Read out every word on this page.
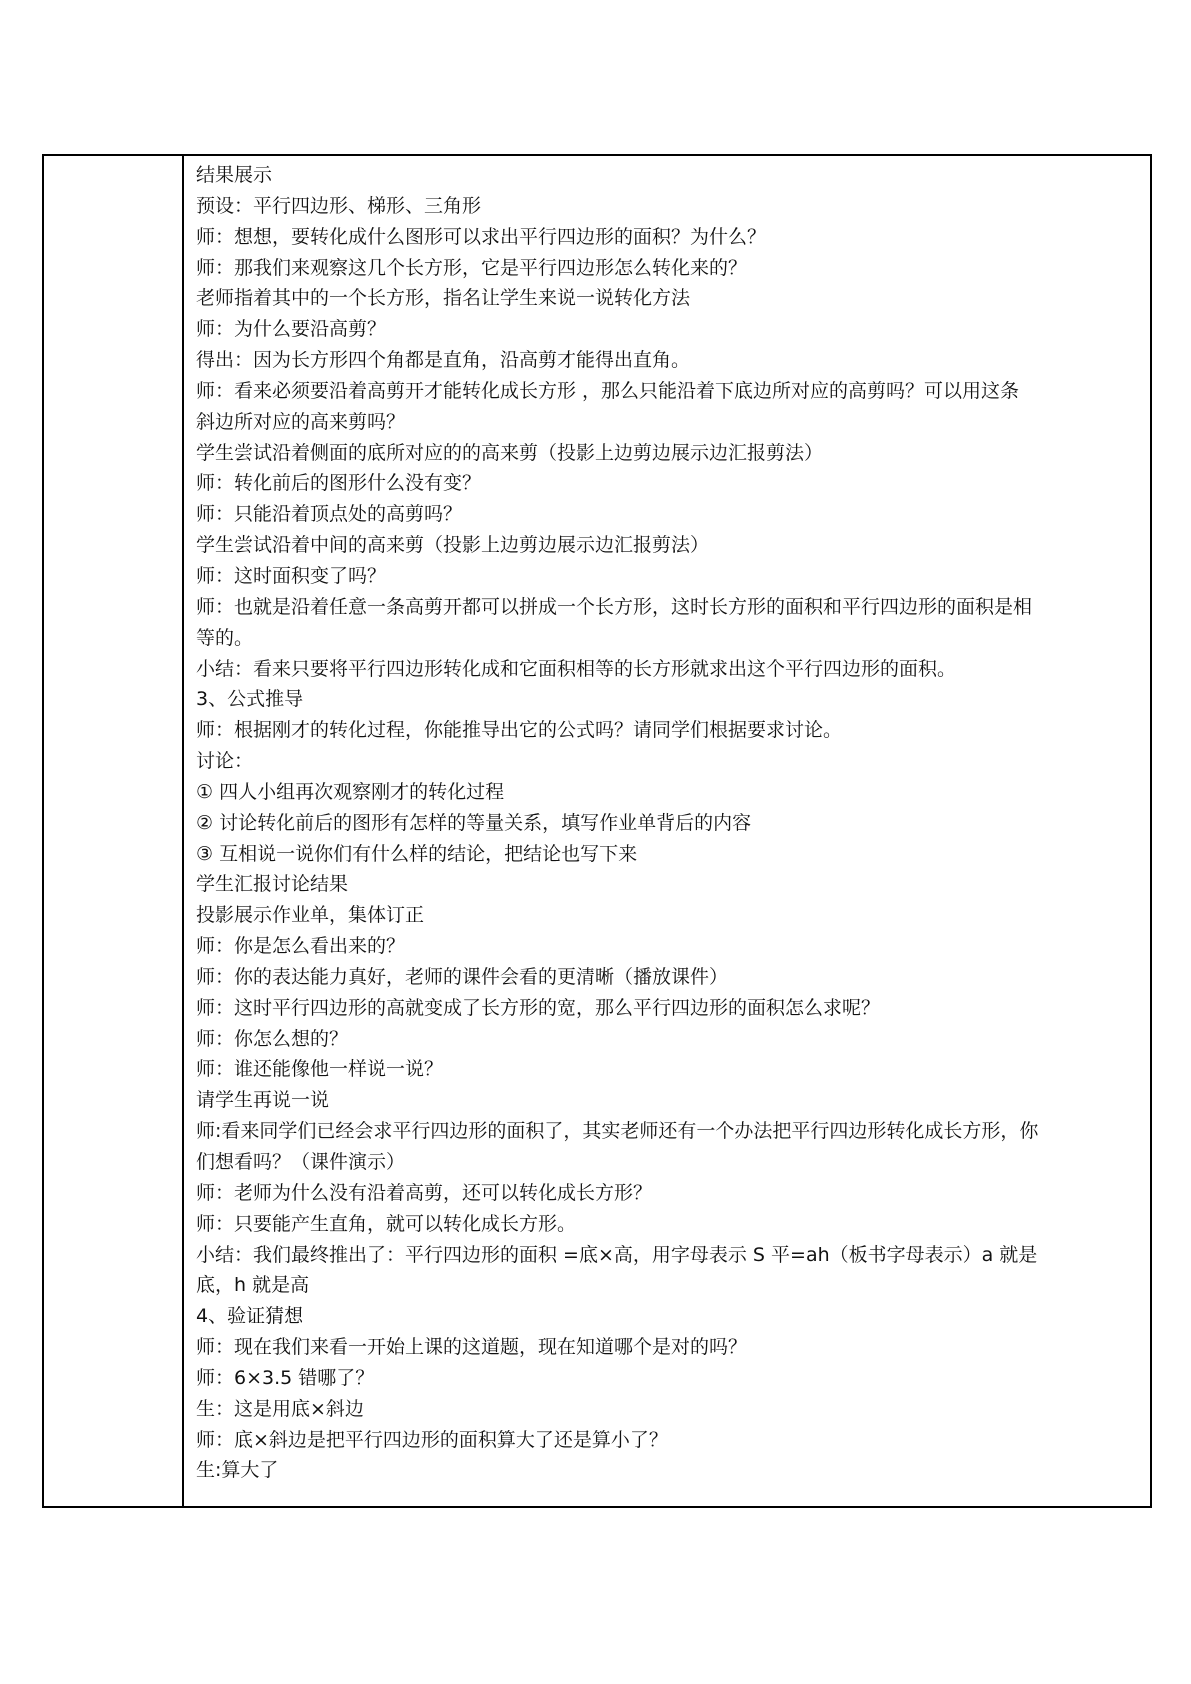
结果展示
预设：平行四边形、梯形、三角形
师：想想，要转化成什么图形可以求出平行四边形的面积？为什么？
师：那我们来观察这几个长方形，它是平行四边形怎么转化来的？
老师指着其中的一个长方形，指名让学生来说一说转化方法
师：为什么要沿高剪？
得出：因为长方形四个角都是直角，沿高剪才能得出直角。
师：看来必须要沿着高剪开才能转化成长方形 ，那么只能沿着下底边所对应的高剪吗？可以用这条
斜边所对应的高来剪吗？
学生尝试沿着侧面的底所对应的的高来剪（投影上边剪边展示边汇报剪法）
师：转化前后的图形什么没有变？
师：只能沿着顶点处的高剪吗？
学生尝试沿着中间的高来剪（投影上边剪边展示边汇报剪法）
师：这时面积变了吗？
师：也就是沿着任意一条高剪开都可以拼成一个长方形，这时长方形的面积和平行四边形的面积是相
等的。
小结：看来只要将平行四边形转化成和它面积相等的长方形就求出这个平行四边形的面积。
3、公式推导
师：根据刚才的转化过程，你能推导出它的公式吗？请同学们根据要求讨论。
讨论：
① 四人小组再次观察刚才的转化过程
② 讨论转化前后的图形有怎样的等量关系，填写作业单背后的内容
③ 互相说一说你们有什么样的结论，把结论也写下来
学生汇报讨论结果
投影展示作业单，集体订正
师：你是怎么看出来的？
师：你的表达能力真好，老师的课件会看的更清晰（播放课件）
师：这时平行四边形的高就变成了长方形的宽，那么平行四边形的面积怎么求呢？
师：你怎么想的？
师：谁还能像他一样说一说？
请学生再说一说
师:看来同学们已经会求平行四边形的面积了，其实老师还有一个办法把平行四边形转化成长方形，你
们想看吗？（课件演示）
师：老师为什么没有沿着高剪，还可以转化成长方形？
师：只要能产生直角，就可以转化成长方形。
小结：我们最终推出了：平行四边形的面积 =底×高，用字母表示 S 平=ah（板书字母表示）a 就是
底，h 就是高
4、验证猜想
师：现在我们来看一开始上课的这道题，现在知道哪个是对的吗？
师：6×3.5 错哪了？
生：这是用底×斜边
师：底×斜边是把平行四边形的面积算大了还是算小了？
生:算大了
